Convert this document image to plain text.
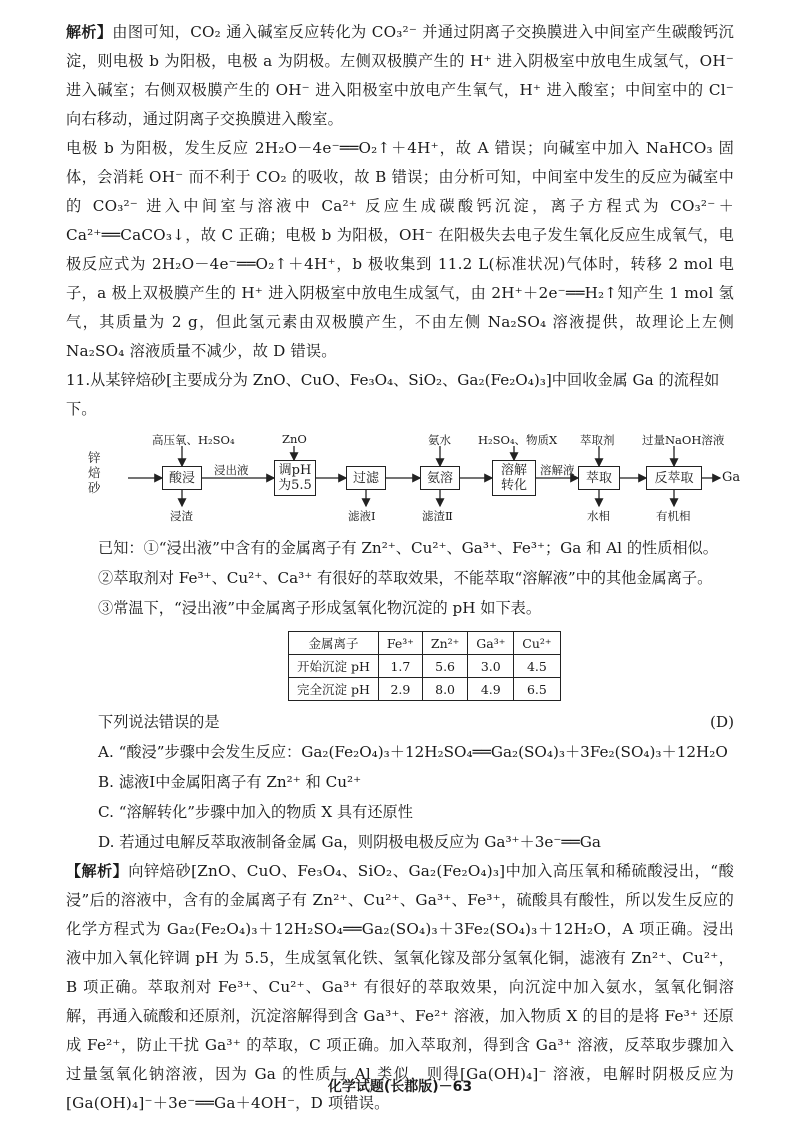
解析】由图可知，CO₂ 通入碱室反应转化为 CO₃²⁻ 并通过阴离子交换膜进入中间室产生碳酸钙沉淀，则电极 b 为阳极，电极 a 为阴极。左侧双极膜产生的 H⁺ 进入阴极室中放电生成氢气，OH⁻ 进入碱室；右侧双极膜产生的 OH⁻ 进入阳极室中放电产生氧气，H⁺ 进入酸室；中间室中的 Cl⁻ 向右移动，通过阴离子交换膜进入酸室。

电极 b 为阳极，发生反应 2H₂O－4e⁻══O₂↑＋4H⁺，故 A 错误；向碱室中加入 NaHCO₃ 固体，会消耗 OH⁻ 而不利于 CO₂ 的吸收，故 B 错误；由分析可知，中间室中发生的反应为碱室中的 CO₃²⁻ 进入中间室与溶液中 Ca²⁺ 反应生成碳酸钙沉淀，离子方程式为 CO₃²⁻＋Ca²⁺══CaCO₃↓，故 C 正确；电极 b 为阳极，OH⁻ 在阳极失去电子发生氧化反应生成氧气，电极反应式为 2H₂O－4e⁻══O₂↑＋4H⁺，b 极收集到 11.2 L(标准状况)气体时，转移 2 mol 电子，a 极上双极膜产生的 H⁺ 进入阴极室中放电生成氢气，由 2H⁺＋2e⁻══H₂↑知产生 1 mol 氢气，其质量为 2 g，但此氢元素由双极膜产生，不由左侧 Na₂SO₄ 溶液提供，故理论上左侧 Na₂SO₄ 溶液质量不减少，故 D 错误。

11.从某锌焙砂[主要成分为 ZnO、CuO、Fe₃O₄、SiO₂、Ga₂(Fe₂O₄)₃]中回收金属 Ga 的流程如下。
锌焙砂
酸浸	调pH为5.5	过滤	氨溶	溶解转化	萃取	反萃取
高压氧、H₂SO₄	ZnO	氨水 H₂SO₄、物质X 萃取剂 过量NaOH溶液
浸出液	溶解液
浸渣	滤液Ⅰ	滤渣Ⅱ	水相	有机相
Ga
已知：①“浸出液”中含有的金属离子有 Zn²⁺、Cu²⁺、Ga³⁺、Fe³⁺；Ga 和 Al 的性质相似。
②萃取剂对 Fe³⁺、Cu²⁺、Ca³⁺ 有很好的萃取效果，不能萃取“溶解液”中的其他金属离子。
③常温下，“浸出液”中金属离子形成氢氧化物沉淀的 pH 如下表。
金属离子	Fe³⁺	Zn²⁺	Ga³⁺	Cu²⁺
开始沉淀 pH	1.7	5.6	3.0	4.5
完全沉淀 pH	2.9	8.0	4.9	6.5
下列说法错误的是	(D)
A. “酸浸”步骤中会发生反应：Ga₂(Fe₂O₄)₃＋12H₂SO₄══Ga₂(SO₄)₃＋3Fe₂(SO₄)₃＋12H₂O
B. 滤液Ⅰ中金属阳离子有 Zn²⁺ 和 Cu²⁺
C. “溶解转化”步骤中加入的物质 X 具有还原性
D. 若通过电解反萃取液制备金属 Ga，则阴极电极反应为 Ga³⁺＋3e⁻══Ga

【解析】向锌焙砂[ZnO、CuO、Fe₃O₄、SiO₂、Ga₂(Fe₂O₄)₃]中加入高压氧和稀硫酸浸出，“酸浸”后的溶液中，含有的金属离子有 Zn²⁺、Cu²⁺、Ga³⁺、Fe³⁺，硫酸具有酸性，所以发生反应的化学方程式为 Ga₂(Fe₂O₄)₃＋12H₂SO₄══Ga₂(SO₄)₃＋3Fe₂(SO₄)₃＋12H₂O，A 项正确。浸出液中加入氧化锌调 pH 为 5.5，生成氢氧化铁、氢氧化镓及部分氢氧化铜，滤液有 Zn²⁺、Cu²⁺，B 项正确。萃取剂对 Fe³⁺、Cu²⁺、Ga³⁺ 有很好的萃取效果，向沉淀中加入氨水，氢氧化铜溶解，再通入硫酸和还原剂，沉淀溶解得到含 Ga³⁺、Fe²⁺ 溶液，加入物质 X 的目的是将 Fe³⁺ 还原成 Fe²⁺，防止干扰 Ga³⁺ 的萃取，C 项正确。加入萃取剂，得到含 Ga³⁺ 溶液，反萃取步骤加入过量氢氧化钠溶液，因为 Ga 的性质与 Al 类似，则得[Ga(OH)₄]⁻ 溶液，电解时阴极反应为[Ga(OH)₄]⁻＋3e⁻══Ga＋4OH⁻，D 项错误。

化学试题(长郡版)－63
